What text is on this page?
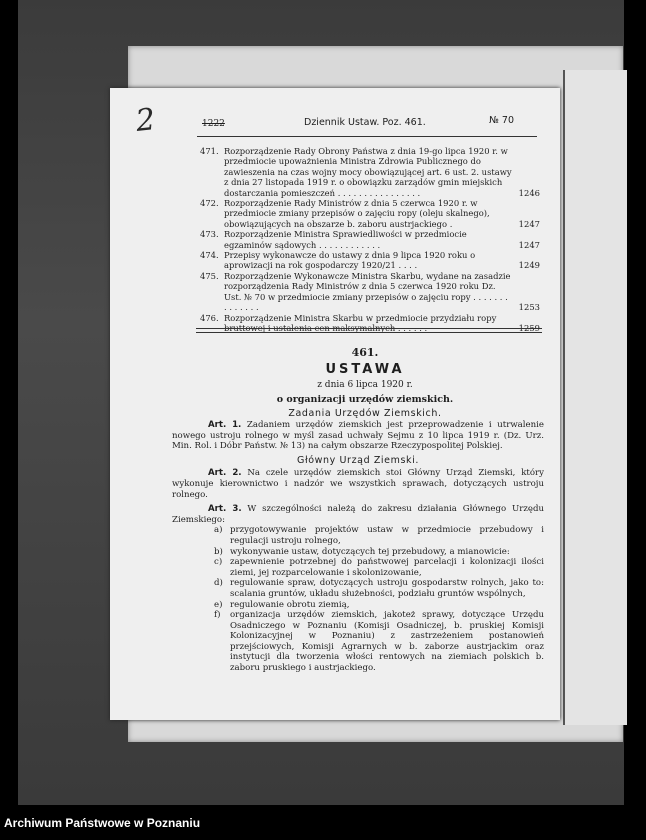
2	1222	Dziennik Ustaw. Poz. 461.	№ 70
471. Rozporządzenie Rady Obrony Państwa z dnia 19-go lipca 1920 r. w przedmiocie upoważnienia Ministra Zdrowia Publicznego do zawieszenia na czas wojny mocy obowiązującej art. 6 ust. 2. ustawy z dnia 27 listopada 1919 r. o obowiązku zarządów gmin miejskich dostarczania pomieszczeń . . . . . . . . . . . . . . . .	1246
472. Rozporządzenie Rady Ministrów z dnia 5 czerwca 1920 r. w przedmiocie zmiany przepisów o zajęciu ropy (oleju skalnego), obowiązujących na obszarze b. zaboru austrjackiego .	1247
473. Rozporządzenie Ministra Sprawiedliwości w przedmiocie egzaminów sądowych . . . . . . . . . . . .	1247
474. Przepisy wykonawcze do ustawy z dnia 9 lipca 1920 roku o aprowizacji na rok gospodarczy 1920/21 . . . .	1249
475. Rozporządzenie Wykonawcze Ministra Skarbu, wydane na zasadzie rozporządzenia Rady Ministrów z dnia 5 czerwca 1920 roku Dz. Ust. № 70 w przedmiocie zmiany przepisów o zajęciu ropy . . . . . . . . . . . . . .	1253
476. Rozporządzenie Ministra Skarbu w przedmiocie przydziału ropy bruttowej i ustalenia cen maksymalnych . . . . . .	1259
461.
USTAWA
z dnia 6 lipca 1920 r.
o organizacji urzędów ziemskich.
Zadania Urzędów Ziemskich.

Art. 1. Zadaniem urzędów ziemskich jest przeprowadzenie i utrwalenie nowego ustroju rolnego w myśl zasad uchwały Sejmu z 10 lipca 1919 r. (Dz. Urz. Min. Rol. i Dóbr Państw. № 13) na całym obszarze Rzeczypospolitej Polskiej.

Główny Urząd Ziemski.

Art. 2. Na czele urzędów ziemskich stoi Główny Urząd Ziemski, który wykonuje kierownictwo i nadzór we wszystkich sprawach, dotyczących ustroju rolnego.

Art. 3. W szczególności należą do zakresu działania Głównego Urzędu Ziemskiego:

a) przygotowywanie projektów ustaw w przedmiocie przebudowy i regulacji ustroju rolnego,
b) wykonywanie ustaw, dotyczących tej przebudowy, a mianowicie:
c) zapewnienie potrzebnej do państwowej parcelacji i kolonizacji ilości ziemi, jej rozparcelowanie i skolonizowanie,
d) regulowanie spraw, dotyczących ustroju gospodarstw rolnych, jako to: scalania gruntów, układu służebności, podziału gruntów wspólnych,
e) regulowanie obrotu ziemią,
f) organizacja urzędów ziemskich, jakoteż sprawy, dotyczące Urzędu Osadniczego w Poznaniu (Komisji Osadniczej, b. pruskiej Komisji Kolonizacyjnej w Poznaniu) z zastrzeżeniem postanowień przejściowych, Komisji Agrarnych w b. zaborze austrjackim oraz instytucji dla tworzenia włości rentowych na ziemiach polskich b. zaboru pruskiego i austrjackiego.
Archiwum Państwowe w Poznaniu
